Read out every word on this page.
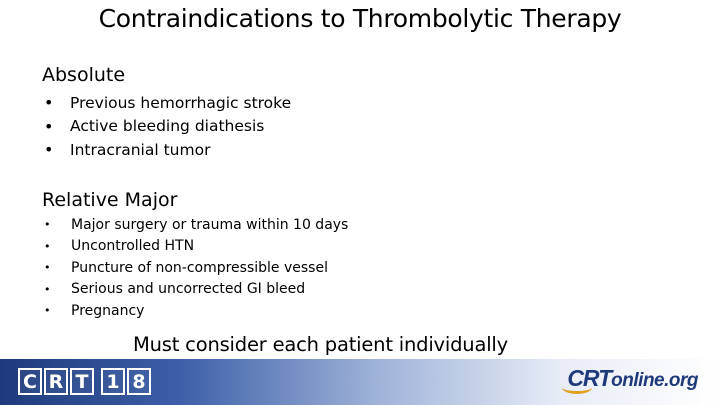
Contraindications to Thrombolytic Therapy
Absolute
•	Previous hemorrhagic stroke
•	Active bleeding diathesis
•	Intracranial tumor
Relative Major
•	Major surgery or trauma within 10 days
•	Uncontrolled HTN
•	Puncture of non-compressible vessel
•	Serious and uncorrected GI bleed
•	Pregnancy
Must consider each patient individually
C R T 1 8	CRT online.org
